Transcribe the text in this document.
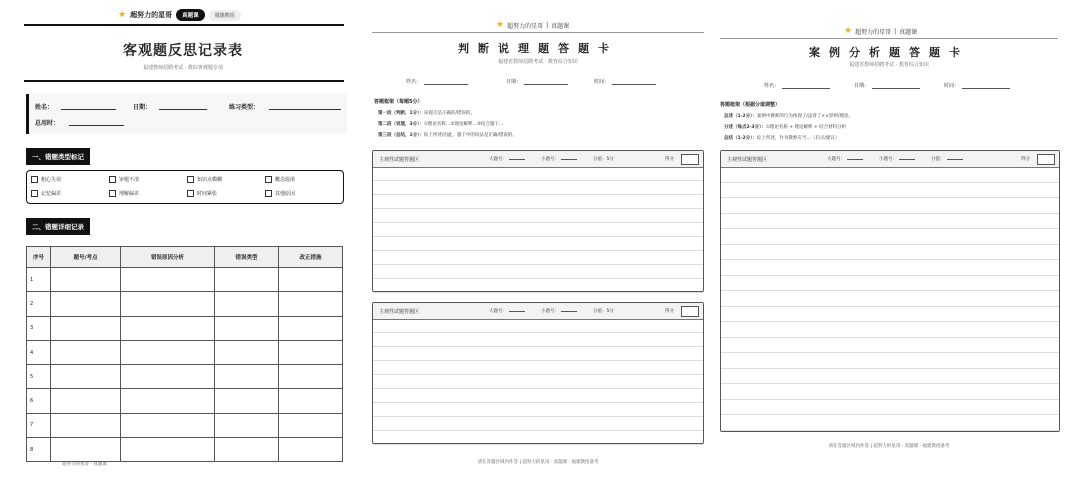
★ 超努力的星哥	真题课	福建教招
客观题反思记录表
福建教师招聘考试 · 教综客观题专项
姓名：	日期：	练习类型：
总用时：
一、错题类型标记
粗心失误	审题不清	知识点模糊	概念混淆
记忆偏差	理解偏差	时间紧张	其他原因
二、错题详细记录
序号	题号/考点	错误原因分析	错误类型	改正措施
1				
2				
3				
4				
5				
6				
7				
8				
超努力的星哥 · 真题课
★ 超努力的星哥 | 真题课
判断说理题答题卡
福建省教师招聘考试 · 教育综合知识
姓名：	日期：	时间：
答题框架（每题5分）
第一段（判断，1分）：该观点是正确的/错误的。
第二段（说理，3分）：①理论名称…②理论解释…③结合题干…
第三段（总结，1分）：综上所述/因此，题干中的说法是正确/错误的。
主观性试题答题区	大题号：	小题号：	分值：5分	得分
主观性试题答题区	大题号：	小题号：	分值：5分	得分
请在答题区域内作答 | 超努力的星哥 · 真题课 · 福建教招备考
★ 超努力的星哥 | 真题课
案例分析题答题卡
福建省教师招聘考试 · 教育综合知识
姓名：	日期：	时间：
答题框架（根据分值调整）
总述（1-2分）：案例中教师的行为体现了/违背了××原则/理论。
分述（每点2-3分）：①理论名称 + 理论解释 + 结合材料分析
总结（1-2分）：综上所述，作为教师应当…（启示/建议）
主观性试题答题区	大题号：	小题号：	分值：	得分
请在答题区域内作答 | 超努力的星哥 · 真题课 · 福建教招备考
